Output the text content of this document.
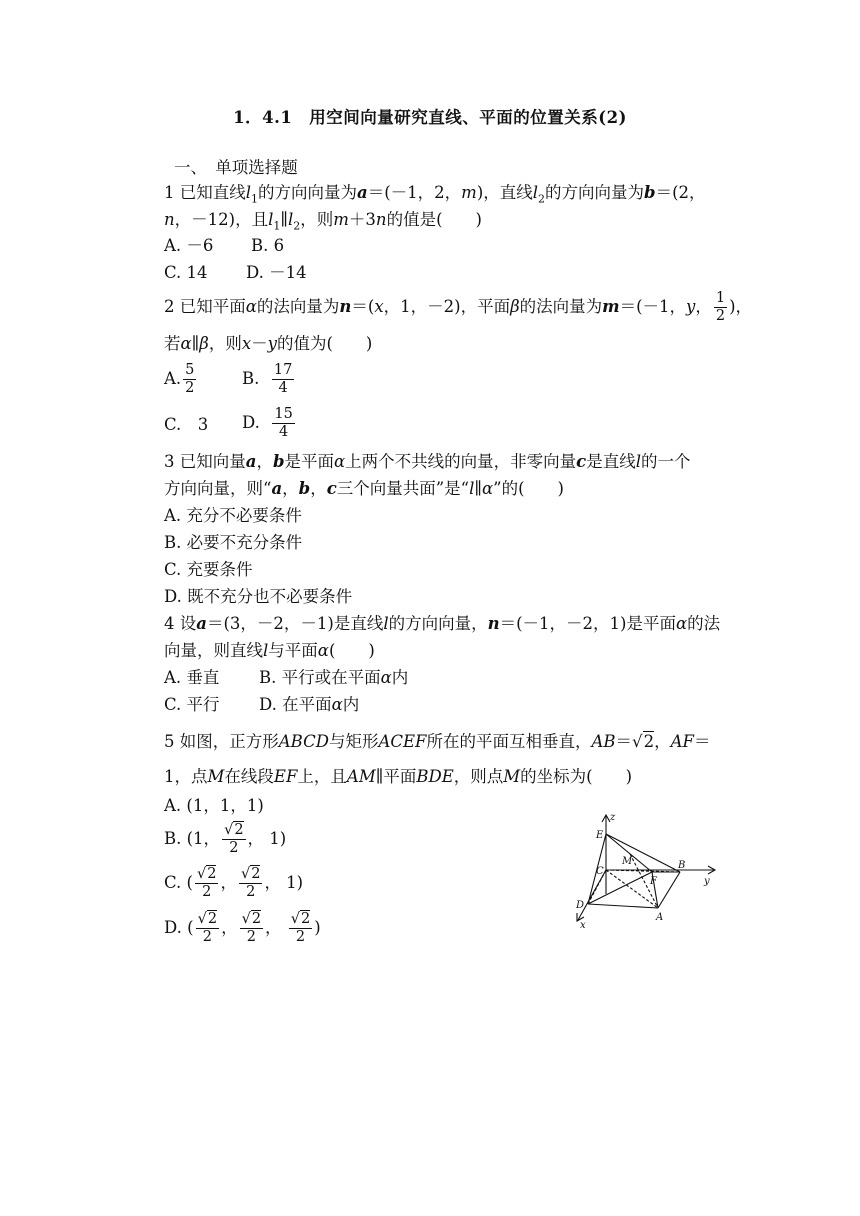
1．4.1　用空间向量研究直线、平面的位置关系(2)
一、　单项选择题
1 已知直线$l_1$的方向向量为a＝(－1，2，m)，直线$l_2$的方向向量为b＝(2，
n，－12)，且$l_1\parallel l_2$，则m＋3n的值是(　　)
A. －6 B. 6
C. 14 D. －14
2 已知平面α的法向量为n＝(x，1，－2)，平面β的法向量为m＝(－1，y， $\frac{1}{2}$ )，
若α∥β，则x－y的值为(　　)
A. $\frac{5}{2}$	B. $\frac{17}{4}$
C.　3 D. $\frac{15}{4}$
3 已知向量a，b是平面α上两个不共线的向量，非零向量c是直线l的一个
方向向量，则“a，b，c三个向量共面”是“l∥α”的(　　)
A. 充分不必要条件
B. 必要不充分条件
C. 充要条件
D. 既不充分也不必要条件
4 设a＝(3，－2，－1)是直线l的方向向量，n＝(－1，－2，1)是平面α的法
向量，则直线l与平面α(　　)
A. 垂直 B. 平行或在平面α内
C. 平行 D. 在平面α内
5 如图，正方形ABCD与矩形ACEF所在的平面互相垂直，AB＝√2，AF＝
1，点M在线段EF上，且AM∥平面BDE，则点M的坐标为(　　)
A. (1，1，1)
B. (1， $\frac{√2}{2}$ ， 1)
C. ( $\frac{√2}{2}$ ， $\frac{√2}{2}$ ， 1)
D. ( $\frac{√2}{2}$ ， $\frac{√2}{2}$ ， $\frac{√2}{2}$ )
z
E
M	B
y
C
F
D
A
x
